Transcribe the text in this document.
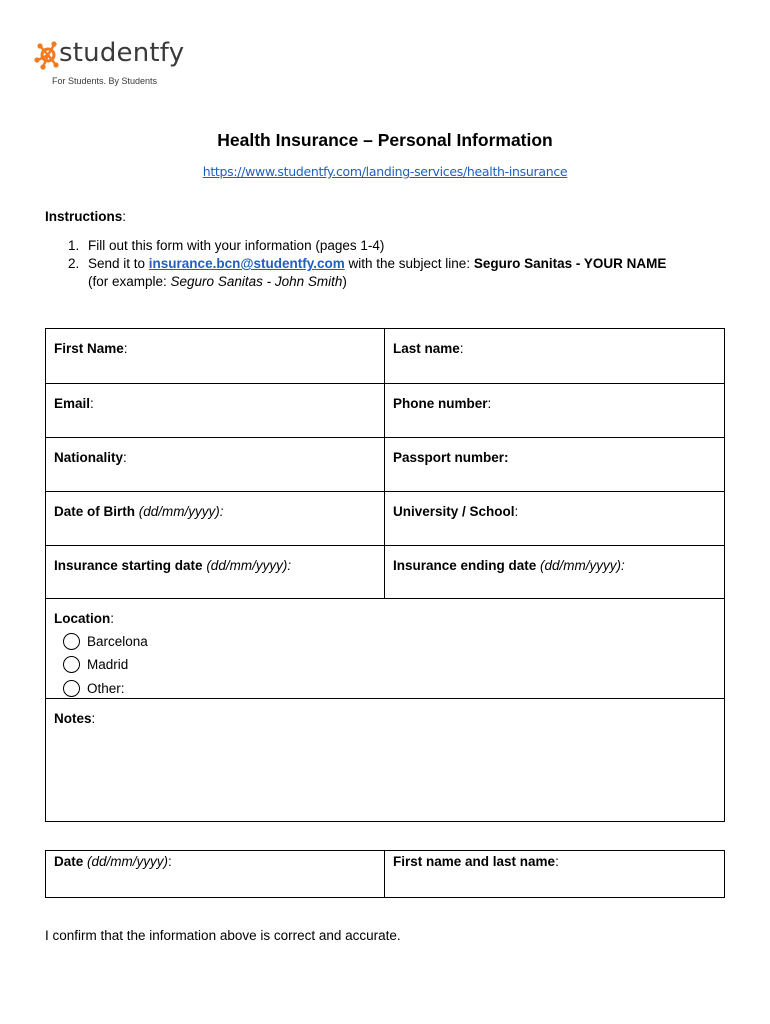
studentfy
For Students. By Students
Health Insurance – Personal Information
https://www.studentfy.com/landing-services/health-insurance
Instructions:
1. Fill out this form with your information (pages 1-4)
2. Send it to insurance.bcn@studentfy.com with the subject line: Seguro Sanitas - YOUR NAME
(for example: Seguro Sanitas - John Smith)
First Name:	Last name:
Email:	Phone number:
Nationality:	Passport number:
Date of Birth (dd/mm/yyyy):	University / School:
Insurance starting date (dd/mm/yyyy):	Insurance ending date (dd/mm/yyyy):
Location:
Barcelona
Madrid
Other:
Notes:
Date (dd/mm/yyyy):	First name and last name:
I confirm that the information above is correct and accurate.
